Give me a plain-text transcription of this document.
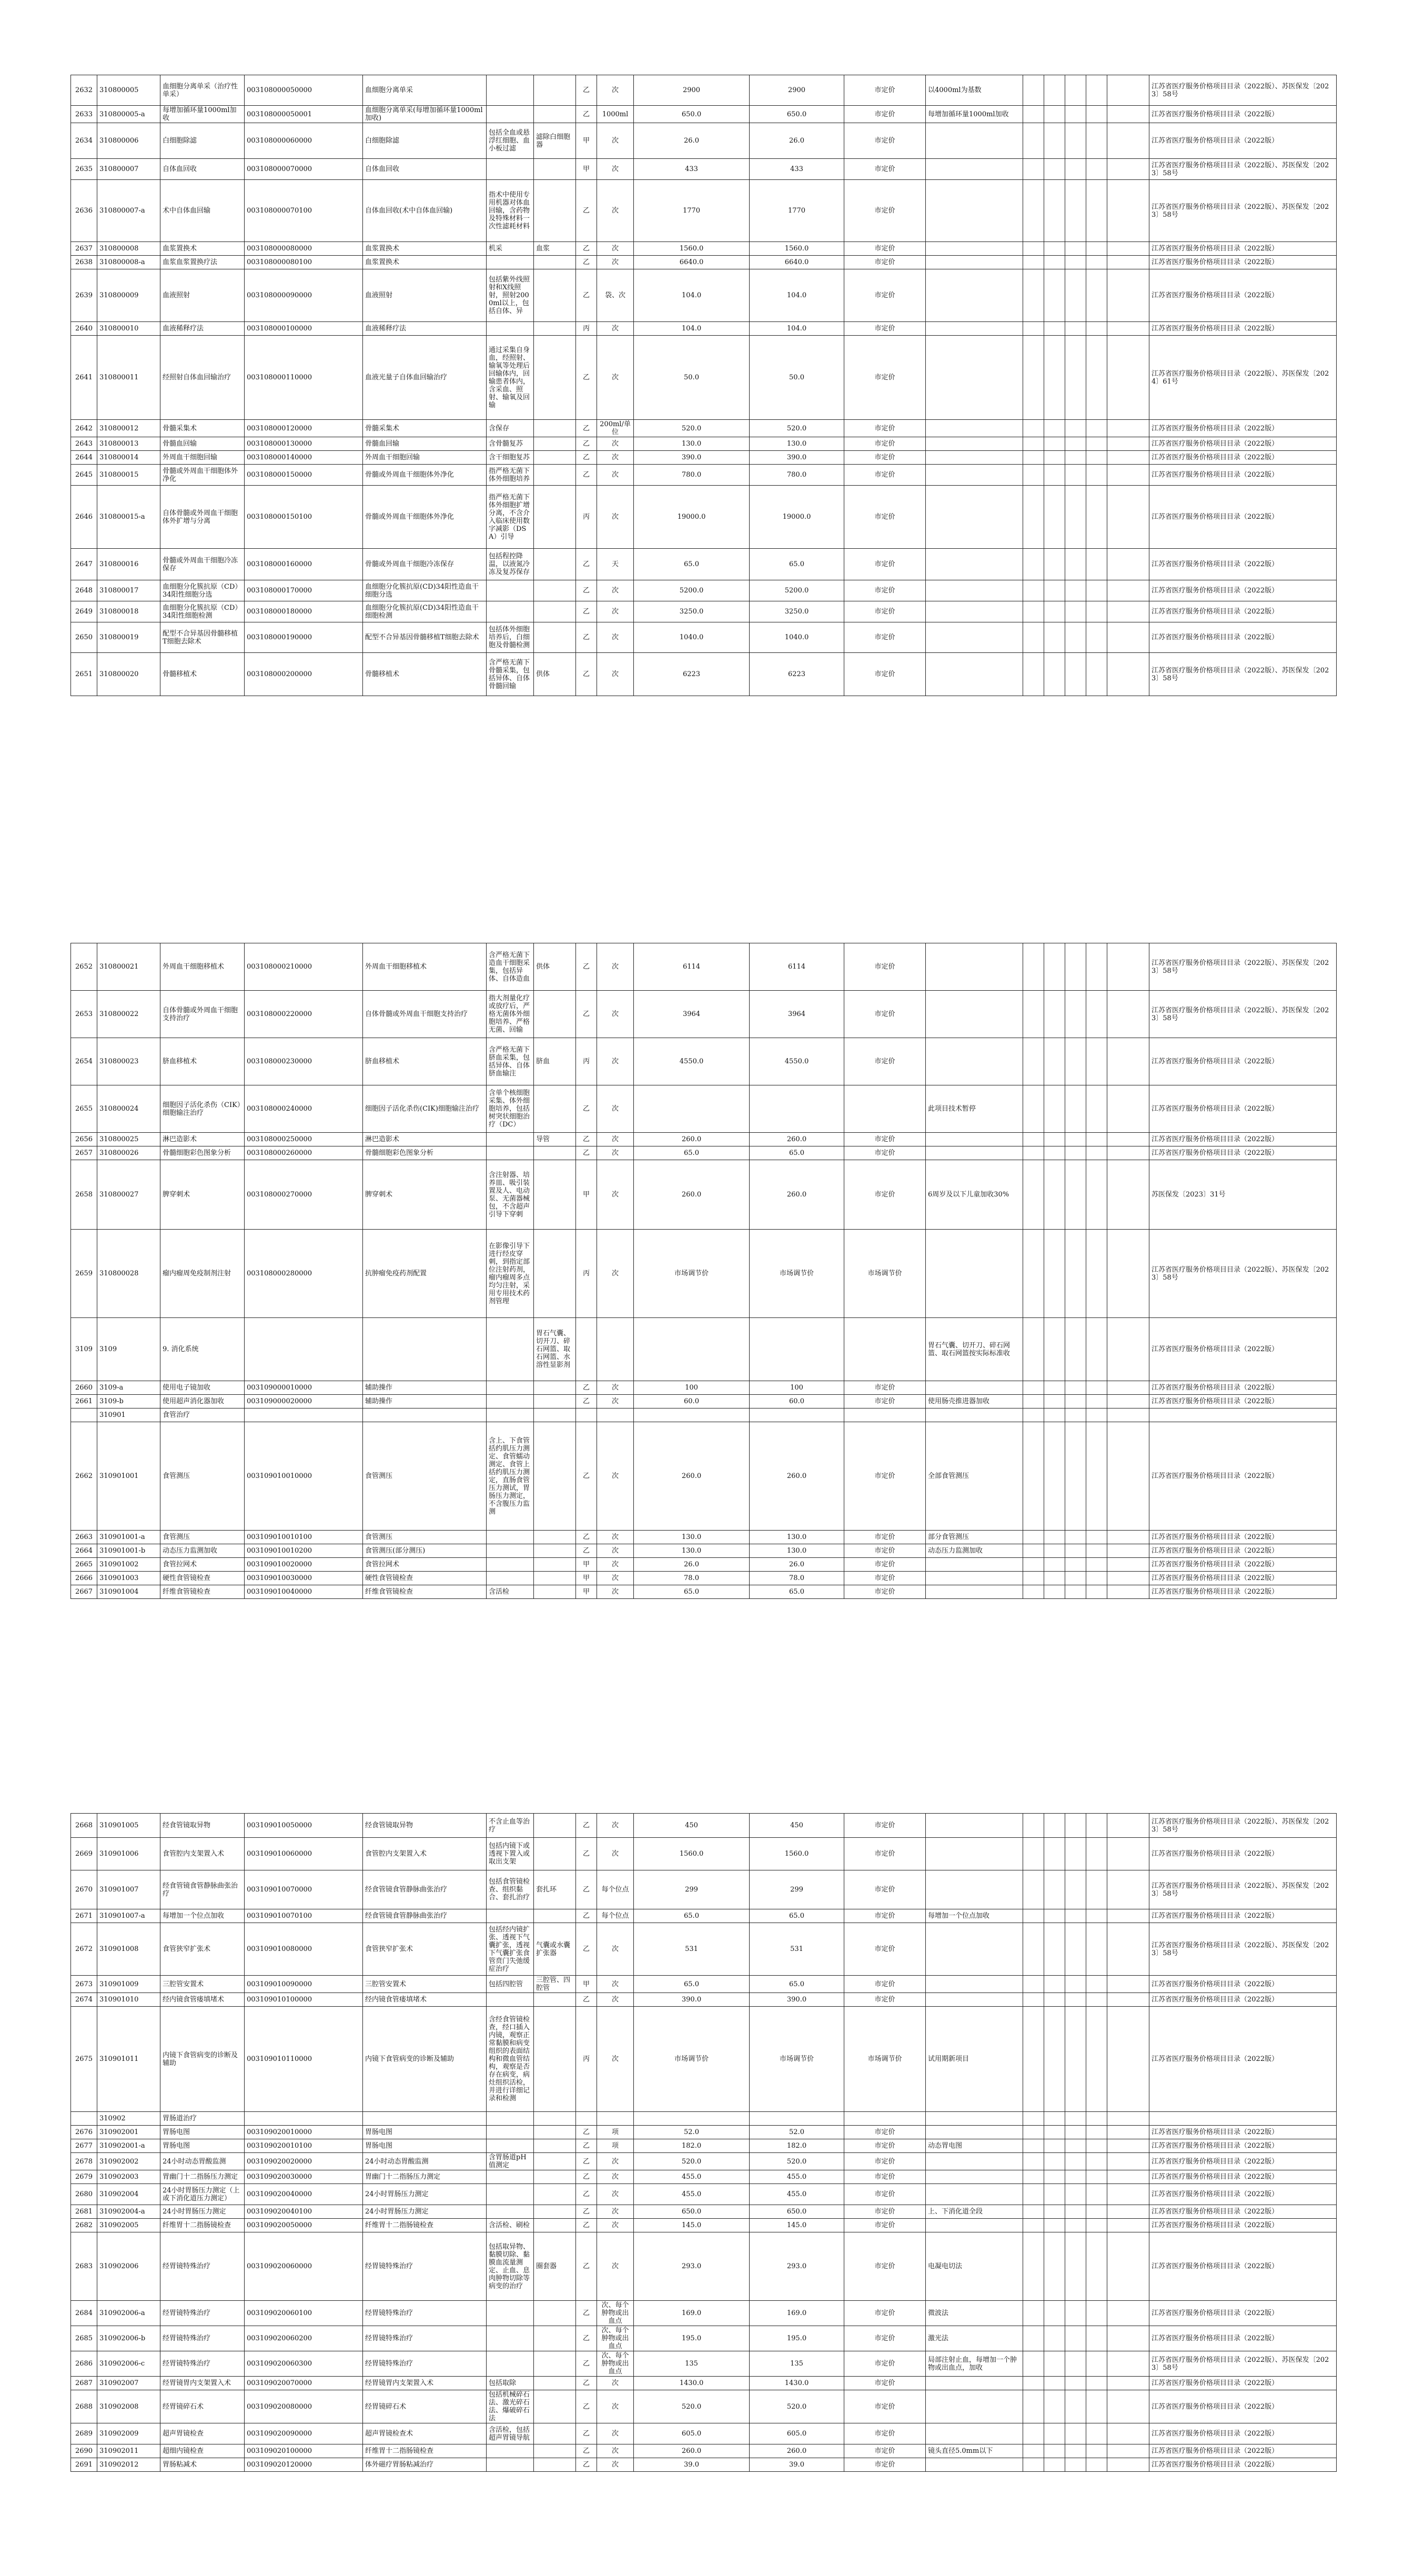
2632	310800005	血细胞分离单采（治疗性单采）	003108000050000	血细胞分离单采			乙	次	2900	2900	市定价	以4000ml为基数						江苏省医疗服务价格项目目录（2022版）、苏医保发〔2023〕58号
2633	310800005-a	每增加循环量1000ml加收	003108000050001	血细胞分离单采(每增加循环量1000ml加收)			乙	1000ml	650.0	650.0	市定价	每增加循环量1000ml加收						江苏省医疗服务价格项目目录（2022版）
2634	310800006	白细胞除滤	003108000060000	白细胞除滤	包括全血或悬浮红细胞、血小板过滤	滤除白细胞器	甲	次	26.0	26.0	市定价							江苏省医疗服务价格项目目录（2022版）
2635	310800007	自体血回收	003108000070000	自体血回收			甲	次	433	433	市定价							江苏省医疗服务价格项目目录（2022版）、苏医保发〔2023〕58号
2636	310800007-a	术中自体血回输	003108000070100	自体血回收(术中自体血回输)	指术中使用专用机器对体血回输，含药物及特殊材料一次性滤耗材料		乙	次	1770	1770	市定价							江苏省医疗服务价格项目目录（2022版）、苏医保发〔2023〕58号
2637	310800008	血浆置换术	003108000080000	血浆置换术	机采	血浆	乙	次	1560.0	1560.0	市定价							江苏省医疗服务价格项目目录（2022版）
2638	310800008-a	血浆血浆置换疗法	003108000080100	血浆置换术			乙	次	6640.0	6640.0	市定价							江苏省医疗服务价格项目目录（2022版）
2639	310800009	血液照射	003108000090000	血液照射	包括紫外线照射和X线照射，照射2000ml以上，包括自体、异		乙	袋、次	104.0	104.0	市定价							江苏省医疗服务价格项目目录（2022版）
2640	310800010	血液稀释疗法	003108000100000	血液稀释疗法			丙	次	104.0	104.0	市定价							江苏省医疗服务价格项目目录（2022版）
2641	310800011	经照射自体血回输治疗	003108000110000	血液光量子自体血回输治疗	通过采集自身血，经照射、输氧等处理后回输体内，回输患者体内，含采血、照射、输氧及回输		乙	次	50.0	50.0	市定价							江苏省医疗服务价格项目目录（2022版）、苏医保发〔2024〕61号
2642	310800012	骨髓采集术	003108000120000	骨髓采集术	含保存		乙	200ml/单位	520.0	520.0	市定价							江苏省医疗服务价格项目目录（2022版）
2643	310800013	骨髓血回输	003108000130000	骨髓血回输	含骨髓复苏		乙	次	130.0	130.0	市定价							江苏省医疗服务价格项目目录（2022版）
2644	310800014	外周血干细胞回输	003108000140000	外周血干细胞回输	含干细胞复苏		乙	次	390.0	390.0	市定价							江苏省医疗服务价格项目目录（2022版）
2645	310800015	骨髓或外周血干细胞体外净化	003108000150000	骨髓或外周血干细胞体外净化	指严格无菌下体外细胞培养		乙	次	780.0	780.0	市定价							江苏省医疗服务价格项目目录（2022版）
2646	310800015-a	自体骨髓或外周血干细胞体外扩增与分离	003108000150100	骨髓或外周血干细胞体外净化	指严格无菌下体外细胞扩增分离，不含介入临床使用数字减影（DSA）引导		丙	次	19000.0	19000.0	市定价							江苏省医疗服务价格项目目录（2022版）
2647	310800016	骨髓或外周血干细胞冷冻保存	003108000160000	骨髓或外周血干细胞冷冻保存	包括程控降温，以液氮冷冻及复苏保存		乙	天	65.0	65.0	市定价							江苏省医疗服务价格项目目录（2022版）
2648	310800017	血细胞分化簇抗原（CD）34阳性细胞分选	003108000170000	血细胞分化簇抗原(CD)34阳性造血干细胞分选			乙	次	5200.0	5200.0	市定价							江苏省医疗服务价格项目目录（2022版）
2649	310800018	血细胞分化簇抗原（CD）34阳性细胞检测	003108000180000	血细胞分化簇抗原(CD)34阳性造血干细胞检测			乙	次	3250.0	3250.0	市定价							江苏省医疗服务价格项目目录（2022版）
2650	310800019	配型不合异基因骨髓移植T细胞去除术	003108000190000	配型不合异基因骨髓移植T细胞去除术	包括体外细胞培养后，白细胞及骨髓检测		乙	次	1040.0	1040.0	市定价							江苏省医疗服务价格项目目录（2022版）
2651	310800020	骨髓移植术	003108000200000	骨髓移植术	含严格无菌下骨髓采集，包括异体、自体骨髓回输	供体	乙	次	6223	6223	市定价							江苏省医疗服务价格项目目录（2022版）、苏医保发〔2023〕58号
2652	310800021	外周血干细胞移植术	003108000210000	外周血干细胞移植术	含严格无菌下造血干细胞采集，包括异体、自体造血	供体	乙	次	6114	6114	市定价							江苏省医疗服务价格项目目录（2022版）、苏医保发〔2023〕58号
2653	310800022	自体骨髓或外周血干细胞支持治疗	003108000220000	自体骨髓或外周血干细胞支持治疗	指大剂量化疗或放疗后，严格无菌体外细胞培养、严格无菌、回输		乙	次	3964	3964	市定价							江苏省医疗服务价格项目目录（2022版）、苏医保发〔2023〕58号
2654	310800023	脐血移植术	003108000230000	脐血移植术	含严格无菌下脐血采集，包括异体、自体脐血输注	脐血	丙	次	4550.0	4550.0	市定价							江苏省医疗服务价格项目目录（2022版）
2655	310800024	细胞因子活化杀伤（CIK）细胞输注治疗	003108000240000	细胞因子活化杀伤(CIK)细胞输注治疗	含单个核细胞采集、体外细胞培养，包括树突状细胞治疗（DC）		乙	次				此项目技术暂停						江苏省医疗服务价格项目目录（2022版）
2656	310800025	淋巴造影术	003108000250000	淋巴造影术		导管	乙	次	260.0	260.0	市定价							江苏省医疗服务价格项目目录（2022版）
2657	310800026	骨髓细胞彩色图象分析	003108000260000	骨髓细胞彩色图象分析			乙	次	65.0	65.0	市定价							江苏省医疗服务价格项目目录（2022版）
2658	310800027	脾穿刺术	003108000270000	脾穿刺术	含注射器、培养皿、吸引装置及人、电动泵、无菌器械包，不含超声引导下穿刺		甲	次	260.0	260.0	市定价	6周岁及以下儿童加收30%						苏医保发〔2023〕31号
2659	310800028	瘤内瘤周免疫制剂注射	003108000280000	抗肿瘤免疫药剂配置	在影像引导下进行经皮穿刺，到指定部位注射药剂，瘤内瘤周多点均匀注射，采用专用技术药剂管理		丙	次	市场调节价	市场调节价	市场调节价							江苏省医疗服务价格项目目录（2022版）、苏医保发〔2023〕58号
3109	3109	9. 消化系统				胃石气囊、切开刀、碎石网篮、取石网篮、水溶性显影剂						胃石气囊、切开刀、碎石网篮、取石网篮按实际标准收						江苏省医疗服务价格项目目录（2022版）
2660	3109-a	使用电子镜加收	003109000010000	辅助操作			乙	次	100	100	市定价							江苏省医疗服务价格项目目录（2022版）
2661	3109-b	使用超声消化器加收	003109000020000	辅助操作			乙	次	60.0	60.0	市定价	使用肠壳推进器加收						江苏省医疗服务价格项目目录（2022版）
	310901	食管治疗																
2662	310901001	食管测压	003109010010000	食管测压	含上、下食管括约肌压力测定、食管蠕动测定、食管上括约肌压力测定，直肠食管压力测试，胃肠压力测定，不含腹压力监测		乙	次	260.0	260.0	市定价	全部食管测压						江苏省医疗服务价格项目目录（2022版）
2663	310901001-a	食管测压	003109010010100	食管测压			乙	次	130.0	130.0	市定价	部分食管测压						江苏省医疗服务价格项目目录（2022版）
2664	310901001-b	动态压力监测加收	003109010010200	食管测压(部分测压)			乙	次	130.0	130.0	市定价	动态压力监测加收						江苏省医疗服务价格项目目录（2022版）
2665	310901002	食管拉网术	003109010020000	食管拉网术			甲	次	26.0	26.0	市定价							江苏省医疗服务价格项目目录（2022版）
2666	310901003	硬性食管镜检查	003109010030000	硬性食管镜检查			甲	次	78.0	78.0	市定价							江苏省医疗服务价格项目目录（2022版）
2667	310901004	纤维食管镜检查	003109010040000	纤维食管镜检查	含活检		甲	次	65.0	65.0	市定价							江苏省医疗服务价格项目目录（2022版）
2668	310901005	经食管镜取异物	003109010050000	经食管镜取异物	不含止血等治疗		乙	次	450	450	市定价							江苏省医疗服务价格项目目录（2022版）、苏医保发〔2023〕58号
2669	310901006	食管腔内支架置入术	003109010060000	食管腔内支架置入术	包括内镜下或透视下置入或取出支架		乙	次	1560.0	1560.0	市定价							江苏省医疗服务价格项目目录（2022版）
2670	310901007	经食管镜食管静脉曲张治疗	003109010070000	经食管镜食管静脉曲张治疗	包括食管镜检查、组织黏合、套扎治疗	套扎环	乙	每个位点	299	299	市定价							江苏省医疗服务价格项目目录（2022版）、苏医保发〔2023〕58号
2671	310901007-a	每增加一个位点加收	003109010070100	经食管镜食管静脉曲张治疗			乙	每个位点	65.0	65.0	市定价	每增加一个位点加收						江苏省医疗服务价格项目目录（2022版）
2672	310901008	食管狭窄扩张术	003109010080000	食管狭窄扩张术	包括经内镜扩张、透视下气囊扩张，透视下气囊扩张食管贲门失弛缓症治疗	气囊或水囊扩张器	乙	次	531	531	市定价							江苏省医疗服务价格项目目录（2022版）、苏医保发〔2023〕58号
2673	310901009	三腔管安置术	003109010090000	三腔管安置术	包括四腔管	三腔管、四腔管	甲	次	65.0	65.0	市定价							江苏省医疗服务价格项目目录（2022版）
2674	310901010	经内镜食管瘘填堵术	003109010100000	经内镜食管瘘填堵术			乙	次	390.0	390.0	市定价							江苏省医疗服务价格项目目录（2022版）
2675	310901011	内镜下食管病变的诊断及辅助	003109010110000	内镜下食管病变的诊断及辅助	含经食管镜检查，经口插入内镜，观察正常黏膜和病变组织的表面结构和微血管结构，观察是否存在病变，病灶组织活检，并进行详细记录和检测		丙	次	市场调节价	市场调节价	市场调节价	试用期新项目						江苏省医疗服务价格项目目录（2022版）
	310902	胃肠道治疗																
2676	310902001	胃肠电图	003109020010000	胃肠电图			乙	项	52.0	52.0	市定价							江苏省医疗服务价格项目目录（2022版）
2677	310902001-a	胃肠电图	003109020010100	胃肠电图			乙	项	182.0	182.0	市定价	动态胃电图						江苏省医疗服务价格项目目录（2022版）
2678	310902002	24小时动态胃酸监测	003109020020000	24小时动态胃酸监测	含胃肠道pH值测定		乙	次	520.0	520.0	市定价							江苏省医疗服务价格项目目录（2022版）
2679	310902003	胃幽门十二指肠压力测定	003109020030000	胃幽门十二指肠压力测定			乙	次	455.0	455.0	市定价							江苏省医疗服务价格项目目录（2022版）
2680	310902004	24小时胃肠压力测定（上或下消化道压力测定）	003109020040000	24小时胃肠压力测定			乙	次	455.0	455.0	市定价							江苏省医疗服务价格项目目录（2022版）
2681	310902004-a	24小时胃肠压力测定	003109020040100	24小时胃肠压力测定			乙	次	650.0	650.0	市定价	上、下消化道全段						江苏省医疗服务价格项目目录（2022版）
2682	310902005	纤维胃十二指肠镜检查	003109020050000	纤维胃十二指肠镜检查	含活检、刷检		乙	次	145.0	145.0	市定价							江苏省医疗服务价格项目目录（2022版）
2683	310902006	经胃镜特殊治疗	003109020060000	经胃镜特殊治疗	包括取异物、黏膜切除、黏膜血流量测定、止血、息肉肿物切除等病变的治疗	圈套器	乙	次	293.0	293.0	市定价	电凝电切法						江苏省医疗服务价格项目目录（2022版）
2684	310902006-a	经胃镜特殊治疗	003109020060100	经胃镜特殊治疗			乙	次、每个肿物或出血点	169.0	169.0	市定价	微波法						江苏省医疗服务价格项目目录（2022版）
2685	310902006-b	经胃镜特殊治疗	003109020060200	经胃镜特殊治疗			乙	次、每个肿物或出血点	195.0	195.0	市定价	激光法						江苏省医疗服务价格项目目录（2022版）
2686	310902006-c	经胃镜特殊治疗	003109020060300	经胃镜特殊治疗			乙	次、每个肿物或出血点	135	135	市定价	局部注射止血，每增加一个肿物或出血点，加收						江苏省医疗服务价格项目目录（2022版）、苏医保发〔2023〕58号
2687	310902007	经胃镜胃内支架置入术	003109020070000	经胃镜胃内支架置入术	包括取除		乙	次	1430.0	1430.0	市定价							江苏省医疗服务价格项目目录（2022版）
2688	310902008	经胃镜碎石术	003109020080000	经胃镜碎石术	包括机械碎石法、激光碎石法、爆破碎石法		乙	次	520.0	520.0	市定价							江苏省医疗服务价格项目目录（2022版）
2689	310902009	超声胃镜检查	003109020090000	超声胃镜检查术	含活检，包括超声胃镜导航		乙	次	605.0	605.0	市定价							江苏省医疗服务价格项目目录（2022版）
2690	310902011	超细内镜检查	003109020100000	纤维胃十二指肠镜检查			乙	次	260.0	260.0	市定价	镜头直径5.0mm以下						江苏省医疗服务价格项目目录（2022版）
2691	310902012	胃肠粘减术	003109020120000	体外磁疗胃肠粘减治疗			乙	次	39.0	39.0	市定价							江苏省医疗服务价格项目目录（2022版）
